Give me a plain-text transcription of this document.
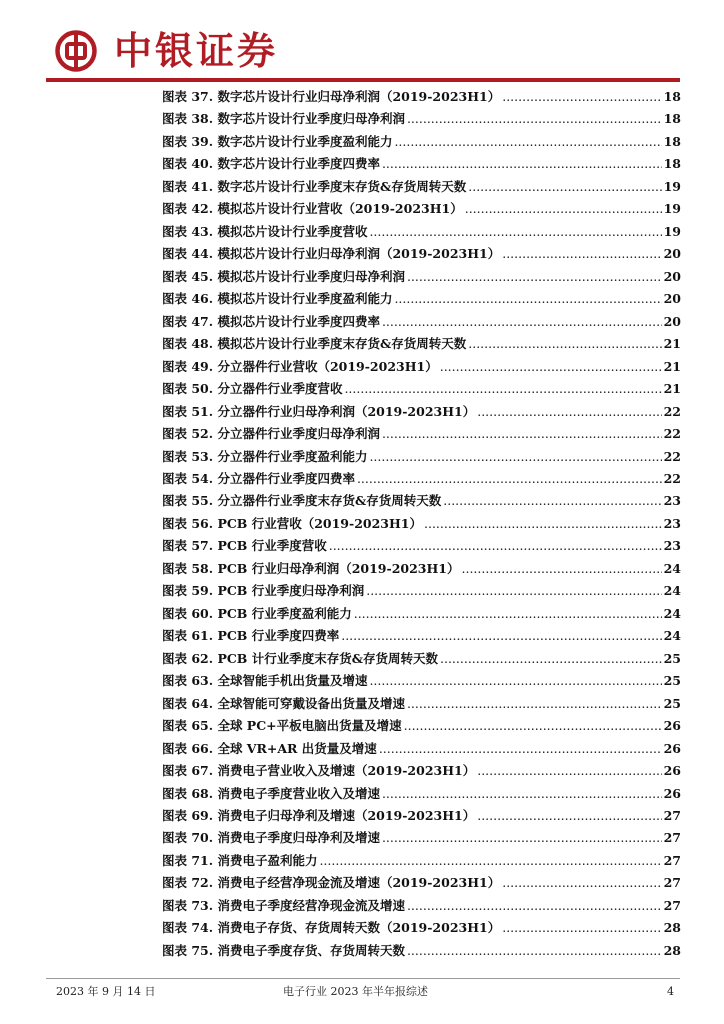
中银证券
图表 37. 数字芯片设计行业归母净利润（2019-2023H1） .....	18
图表 38. 数字芯片设计行业季度归母净利润 .....	18
图表 39. 数字芯片设计行业季度盈利能力 .....	18
图表 40. 数字芯片设计行业季度四费率 .....	18
图表 41. 数字芯片设计行业季度末存货&存货周转天数 .....	19
图表 42. 模拟芯片设计行业营收（2019-2023H1） .....	19
图表 43. 模拟芯片设计行业季度营收 .....	19
图表 44. 模拟芯片设计行业归母净利润（2019-2023H1） .....	20
图表 45. 模拟芯片设计行业季度归母净利润 .....	20
图表 46. 模拟芯片设计行业季度盈利能力 .....	20
图表 47. 模拟芯片设计行业季度四费率 .....	20
图表 48. 模拟芯片设计行业季度末存货&存货周转天数 .....	21
图表 49. 分立器件行业营收（2019-2023H1） .....	21
图表 50. 分立器件行业季度营收 .....	21
图表 51. 分立器件行业归母净利润（2019-2023H1） .....	22
图表 52. 分立器件行业季度归母净利润 .....	22
图表 53. 分立器件行业季度盈利能力 .....	22
图表 54. 分立器件行业季度四费率 .....	22
图表 55. 分立器件行业季度末存货&存货周转天数 .....	23
图表 56. PCB 行业营收（2019-2023H1） .....	23
图表 57. PCB 行业季度营收 .....	23
图表 58. PCB 行业归母净利润（2019-2023H1） .....	24
图表 59. PCB 行业季度归母净利润 .....	24
图表 60. PCB 行业季度盈利能力 .....	24
图表 61. PCB 行业季度四费率 .....	24
图表 62. PCB 计行业季度末存货&存货周转天数 .....	25
图表 63. 全球智能手机出货量及增速 .....	25
图表 64. 全球智能可穿戴设备出货量及增速 .....	25
图表 65. 全球 PC+平板电脑出货量及增速 .....	26
图表 66. 全球 VR+AR 出货量及增速 .....	26
图表 67. 消费电子营业收入及增速（2019-2023H1） .....	26
图表 68. 消费电子季度营业收入及增速 .....	26
图表 69. 消费电子归母净利及增速（2019-2023H1） .....	27
图表 70. 消费电子季度归母净利及增速 .....	27
图表 71. 消费电子盈利能力 .....	27
图表 72. 消费电子经营净现金流及增速（2019-2023H1） .....	27
图表 73. 消费电子季度经营净现金流及增速 .....	27
图表 74. 消费电子存货、存货周转天数（2019-2023H1） .....	28
图表 75. 消费电子季度存货、存货周转天数 .....	28
2023 年 9 月 14 日	电子行业 2023 年半年报综述	4
